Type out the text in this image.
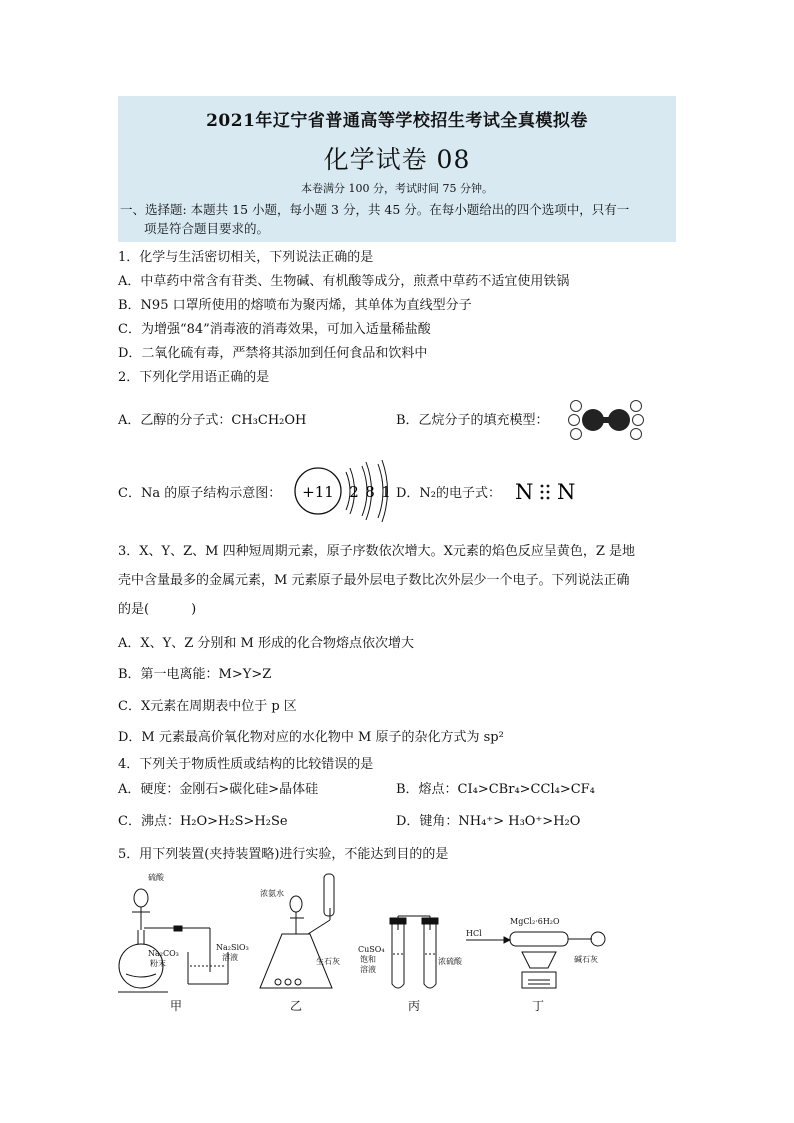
2021年辽宁省普通高等学校招生考试全真模拟卷
化学试卷 08
本卷满分 100 分，考试时间 75 分钟。
一、选择题: 本题共 15 小题，每小题 3 分，共 45 分。在每小题给出的四个选项中，只有一
项是符合题目要求的。
1．化学与生活密切相关，下列说法正确的是
A．中草药中常含有苷类、生物碱、有机酸等成分，煎煮中草药不适宜使用铁锅
B．N95 口罩所使用的熔喷布为聚丙烯，其单体为直线型分子
C．为增强“84”消毒液的消毒效果，可加入适量稀盐酸
D．二氧化硫有毒，严禁将其添加到任何食品和饮料中
2．下列化学用语正确的是
A．乙醇的分子式：CH₃CH₂OH	B．乙烷分子的填充模型：
C．Na 的原子结构示意图： +11 2 8 1 D．N₂的电子式： N N
3．X、Y、Z、M 四种短周期元素，原子序数依次增大。X元素的焰色反应呈黄色，Z 是地
壳中含量最多的金属元素，M 元素原子最外层电子数比次外层少一个电子。下列说法正确
的是(	)
A．X、Y、Z 分别和 M 形成的化合物熔点依次增大
B．第一电离能：M>Y>Z
C．X元素在周期表中位于 p 区
D．M 元素最高价氧化物对应的水化物中 M 原子的杂化方式为 sp²
4．下列关于物质性质或结构的比较错误的是
A．硬度：金刚石>碳化硅>晶体硅	B．熔点：CI₄>CBr₄>CCl₄>CF₄
C．沸点：H₂O>H₂S>H₂Se	D．键角：NH₄⁺> H₃O⁺>H₂O
5．用下列装置(夹持装置略)进行实验，不能达到目的的是
硫酸
Na₂CO₃
粉末
Na₂SiO₃
溶液
浓氨水
生石灰
CuSO₄
饱和
溶液
浓硫酸
MgCl₂·6H₂O
HCl
碱石灰
甲	乙	丙	丁
